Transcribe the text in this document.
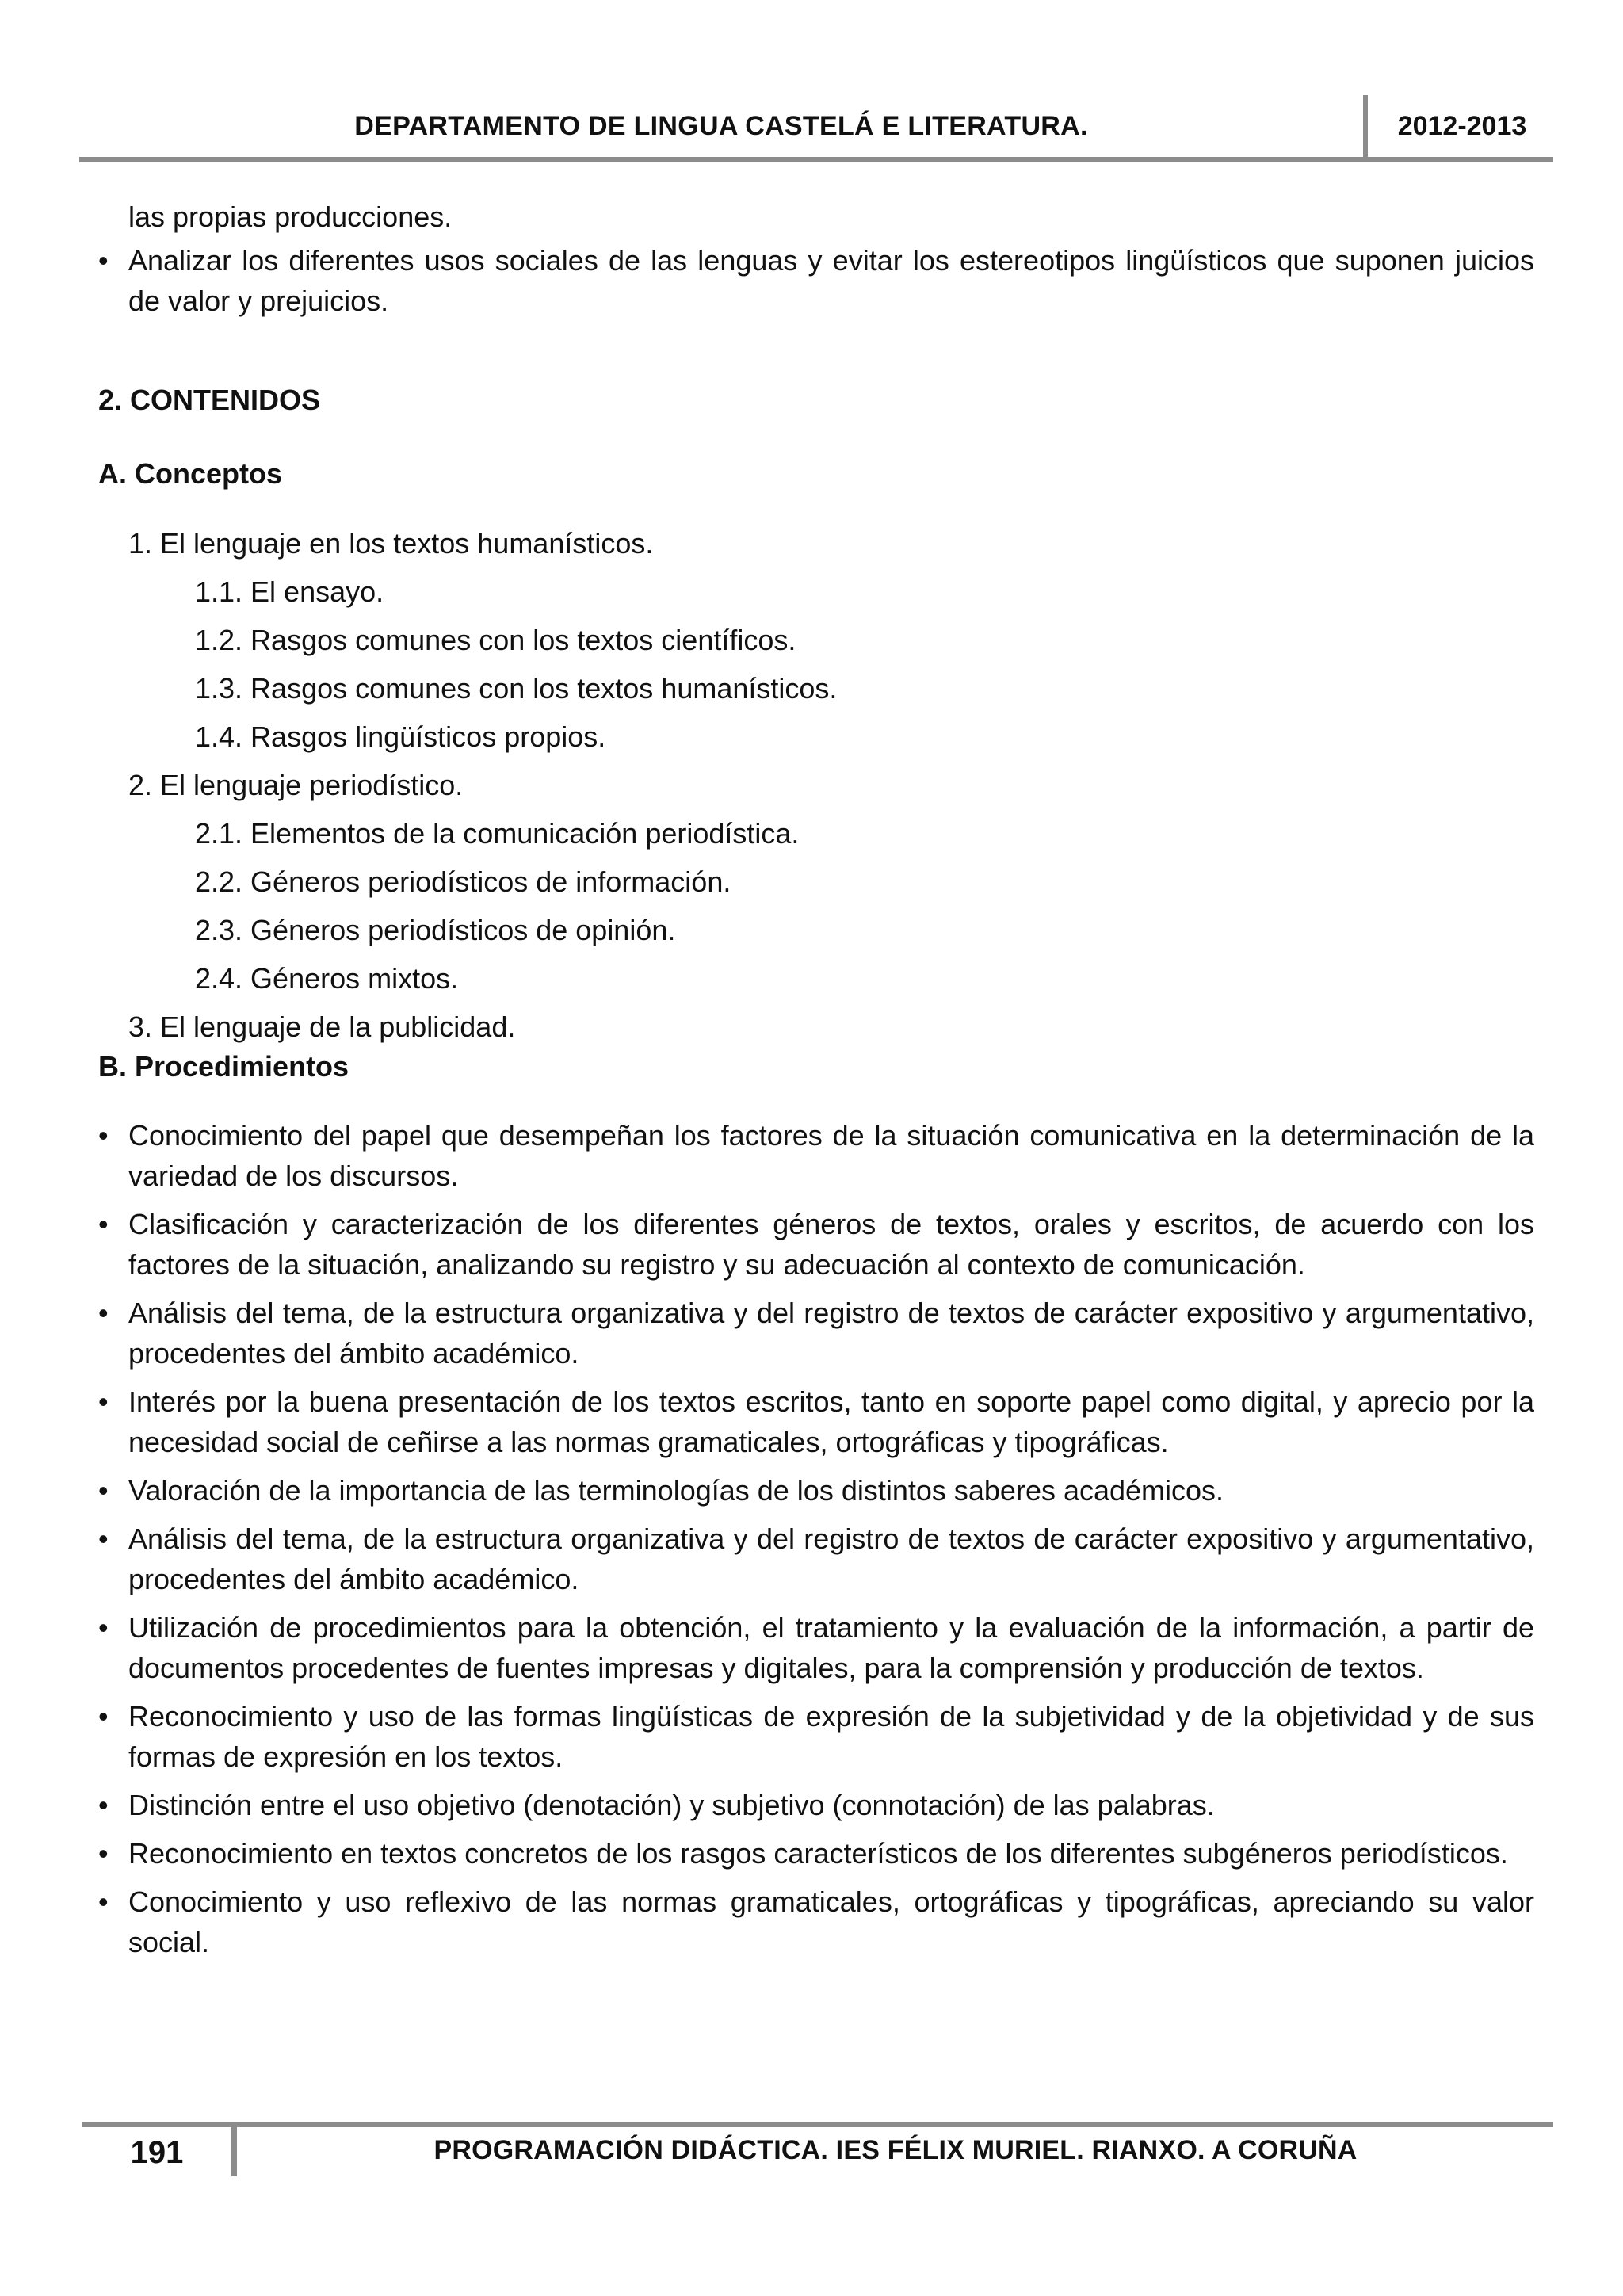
DEPARTAMENTO DE LINGUA CASTELÁ E LITERATURA.	2012-2013

las propias producciones.

• Analizar los diferentes usos sociales de las lenguas y evitar los estereotipos lingüísticos que suponen juicios de valor y prejuicios.

2. CONTENIDOS

A. Conceptos

1. El lenguaje en los textos humanísticos.
1.1. El ensayo.
1.2. Rasgos comunes con los textos científicos.
1.3. Rasgos comunes con los textos humanísticos.
1.4. Rasgos lingüísticos propios.
2. El lenguaje periodístico.
2.1. Elementos de la comunicación periodística.
2.2. Géneros periodísticos de información.
2.3. Géneros periodísticos de opinión.
2.4. Géneros mixtos.
3. El lenguaje de la publicidad.

B. Procedimientos

• Conocimiento del papel que desempeñan los factores de la situación comunicativa en la determinación de la variedad de los discursos.
• Clasificación y caracterización de los diferentes géneros de textos, orales y escritos, de acuerdo con los factores de la situación, analizando su registro y su adecuación al contexto de comunicación.
• Análisis del tema, de la estructura organizativa y del registro de textos de carácter expositivo y argumentativo, procedentes del ámbito académico.
• Interés por la buena presentación de los textos escritos, tanto en soporte papel como digital, y aprecio por la necesidad social de ceñirse a las normas gramaticales, ortográficas y tipográficas.
• Valoración de la importancia de las terminologías de los distintos saberes académicos.
• Análisis del tema, de la estructura organizativa y del registro de textos de carácter expositivo y argumentativo, procedentes del ámbito académico.
• Utilización de procedimientos para la obtención, el tratamiento y la evaluación de la información, a partir de documentos procedentes de fuentes impresas y digitales, para la comprensión y producción de textos.
• Reconocimiento y uso de las formas lingüísticas de expresión de la subjetividad y de la objetividad y de sus formas de expresión en los textos.
• Distinción entre el uso objetivo (denotación) y subjetivo (connotación) de las palabras.
• Reconocimiento en textos concretos de los rasgos característicos de los diferentes subgéneros periodísticos.
• Conocimiento y uso reflexivo de las normas gramaticales, ortográficas y tipográficas, apreciando su valor social.
191	PROGRAMACIÓN DIDÁCTICA. IES FÉLIX MURIEL. RIANXO. A CORUÑA
